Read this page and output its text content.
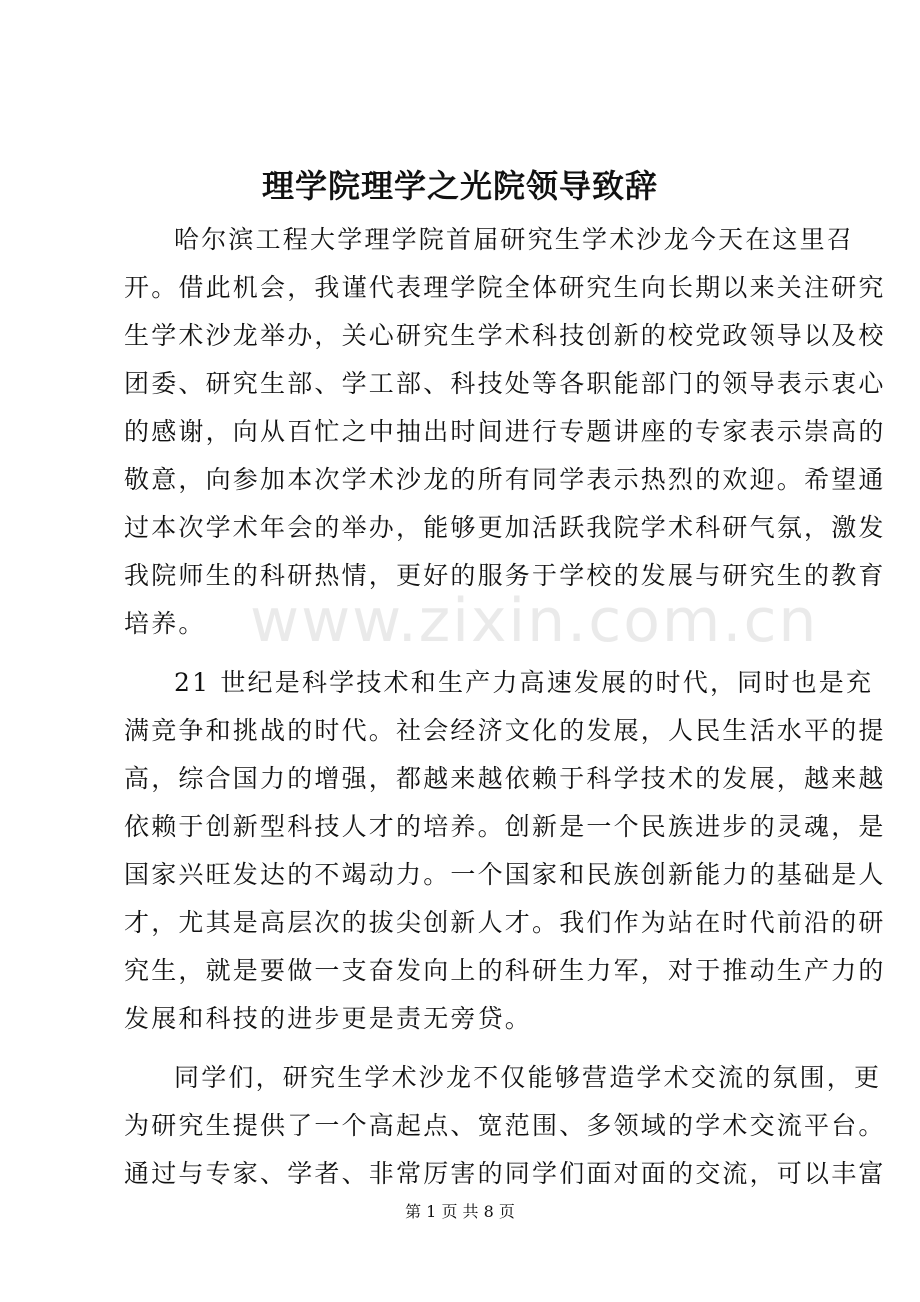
理学院理学之光院领导致辞
哈尔滨工程大学理学院首届研究生学术沙龙今天在这里召
开。借此机会，我谨代表理学院全体研究生向长期以来关注研究
生学术沙龙举办，关心研究生学术科技创新的校党政领导以及校
团委、研究生部、学工部、科技处等各职能部门的领导表示衷心
的感谢，向从百忙之中抽出时间进行专题讲座的专家表示崇高的
敬意，向参加本次学术沙龙的所有同学表示热烈的欢迎。希望通
过本次学术年会的举办，能够更加活跃我院学术科研气氛，激发
我院师生的科研热情，更好的服务于学校的发展与研究生的教育
培养。
21 世纪是科学技术和生产力高速发展的时代，同时也是充
满竞争和挑战的时代。社会经济文化的发展，人民生活水平的提
高，综合国力的增强，都越来越依赖于科学技术的发展，越来越
依赖于创新型科技人才的培养。创新是一个民族进步的灵魂，是
国家兴旺发达的不竭动力。一个国家和民族创新能力的基础是人
才，尤其是高层次的拔尖创新人才。我们作为站在时代前沿的研
究生，就是要做一支奋发向上的科研生力军，对于推动生产力的
发展和科技的进步更是责无旁贷。
同学们，研究生学术沙龙不仅能够营造学术交流的氛围，更
为研究生提供了一个高起点、宽范围、多领域的学术交流平台。
通过与专家、学者、非常厉害的同学们面对面的交流，可以丰富
www.zixin.com.cn
第 1 页 共 8 页
